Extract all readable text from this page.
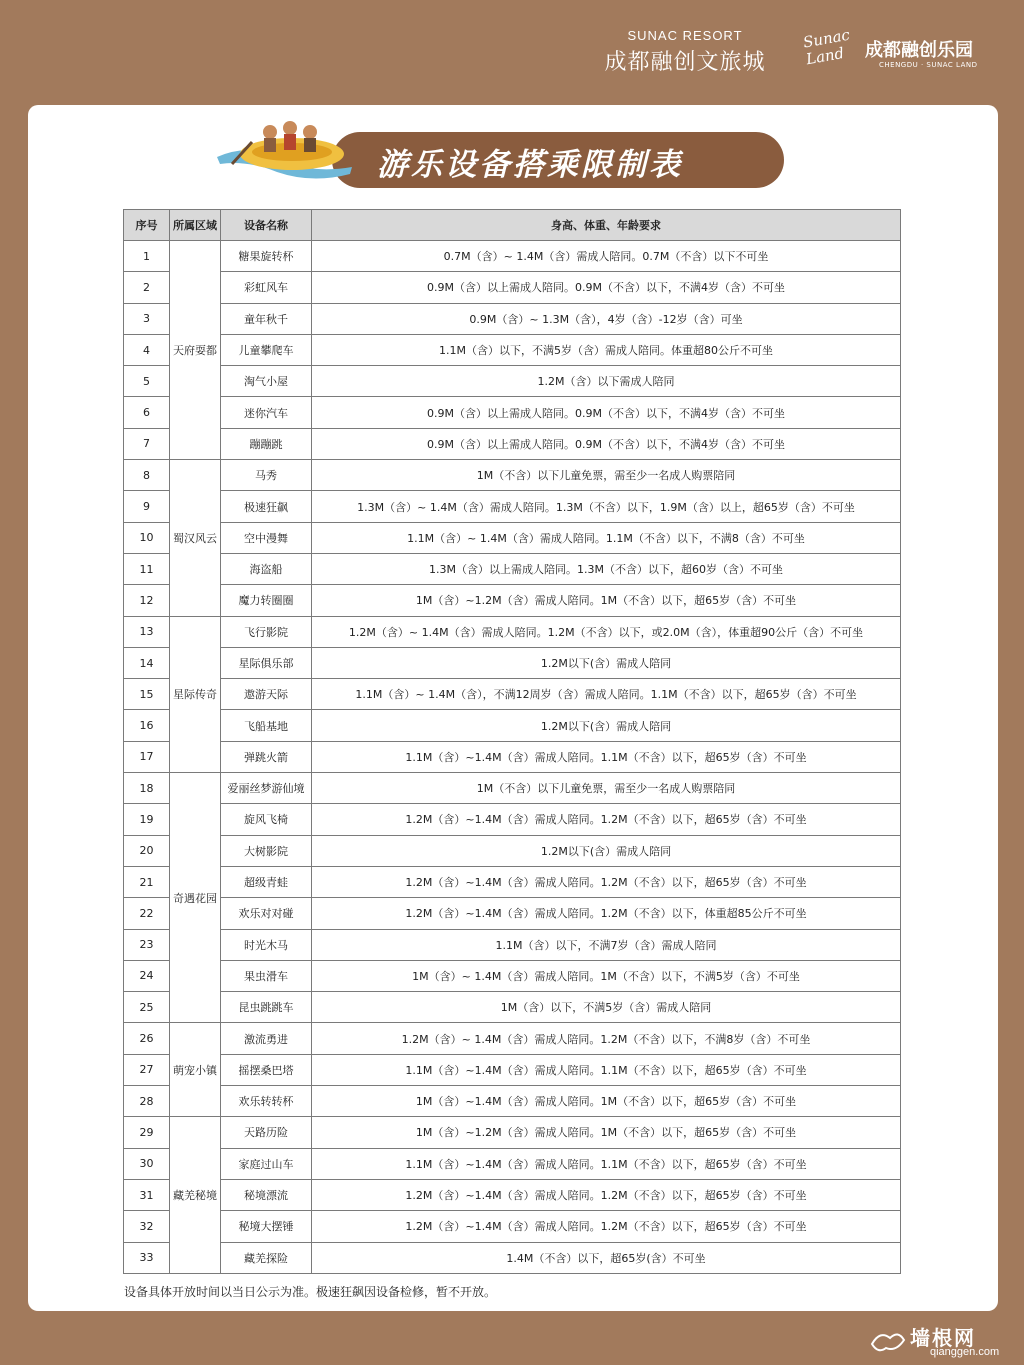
SUNAC RESORT
成都融创文旅城
Sunac Land	成都融创乐园
CHENGDU · SUNAC LAND
游乐设备搭乘限制表
序号	所属区域	设备名称	身高、体重、年龄要求
1	天府耍都	糖果旋转杯	0.7M（含）~ 1.4M（含）需成人陪同。0.7M（不含）以下不可坐
2		彩虹风车	0.9M（含）以上需成人陪同。0.9M（不含）以下，不满4岁（含）不可坐
3		童年秋千	0.9M（含）~ 1.3M（含），4岁（含）-12岁（含）可坐
4		儿童攀爬车	1.1M（含）以下，不满5岁（含）需成人陪同。体重超80公斤不可坐
5		淘气小屋	1.2M（含）以下需成人陪同
6		迷你汽车	0.9M（含）以上需成人陪同。0.9M（不含）以下，不满4岁（含）不可坐
7		蹦蹦跳	0.9M（含）以上需成人陪同。0.9M（不含）以下，不满4岁（含）不可坐
8	蜀汉风云	马秀	1M（不含）以下儿童免票，需至少一名成人购票陪同
9		极速狂飙	1.3M（含）~ 1.4M（含）需成人陪同。1.3M（不含）以下，1.9M（含）以上，超65岁（含）不可坐
10		空中漫舞	1.1M（含）~ 1.4M（含）需成人陪同。1.1M（不含）以下，不满8（含）不可坐
11		海盗船	1.3M（含）以上需成人陪同。1.3M（不含）以下，超60岁（含）不可坐
12		魔力转圈圈	1M（含）~1.2M（含）需成人陪同。1M（不含）以下，超65岁（含）不可坐
13	星际传奇	飞行影院	1.2M（含）~ 1.4M（含）需成人陪同。1.2M（不含）以下，或2.0M（含），体重超90公斤（含）不可坐
14		星际俱乐部	1.2M以下(含）需成人陪同
15		遨游天际	1.1M（含）~ 1.4M（含），不满12周岁（含）需成人陪同。1.1M（不含）以下，超65岁（含）不可坐
16		飞船基地	1.2M以下(含）需成人陪同
17		弹跳火箭	1.1M（含）~1.4M（含）需成人陪同。1.1M（不含）以下，超65岁（含）不可坐
18	奇遇花园	爱丽丝梦游仙境	1M（不含）以下儿童免票，需至少一名成人购票陪同
19		旋风飞椅	1.2M（含）~1.4M（含）需成人陪同。1.2M（不含）以下，超65岁（含）不可坐
20		大树影院	1.2M以下(含）需成人陪同
21		超级青蛙	1.2M（含）~1.4M（含）需成人陪同。1.2M（不含）以下，超65岁（含）不可坐
22		欢乐对对碰	1.2M（含）~1.4M（含）需成人陪同。1.2M（不含）以下，体重超85公斤不可坐
23		时光木马	1.1M（含）以下，不满7岁（含）需成人陪同
24		果虫滑车	1M（含）~ 1.4M（含）需成人陪同。1M（不含）以下，不满5岁（含）不可坐
25		昆虫跳跳车	1M（含）以下，不满5岁（含）需成人陪同
26	萌宠小镇	激流勇进	1.2M（含）~ 1.4M（含）需成人陪同。1.2M（不含）以下，不满8岁（含）不可坐
27		摇摆桑巴塔	1.1M（含）~1.4M（含）需成人陪同。1.1M（不含）以下，超65岁（含）不可坐
28		欢乐转转杯	1M（含）~1.4M（含）需成人陪同。1M（不含）以下，超65岁（含）不可坐
29	藏羌秘境	天路历险	1M（含）~1.2M（含）需成人陪同。1M（不含）以下，超65岁（含）不可坐
30		家庭过山车	1.1M（含）~1.4M（含）需成人陪同。1.1M（不含）以下，超65岁（含）不可坐
31		秘境漂流	1.2M（含）~1.4M（含）需成人陪同。1.2M（不含）以下，超65岁（含）不可坐
32		秘境大摆锤	1.2M（含）~1.4M（含）需成人陪同。1.2M（不含）以下，超65岁（含）不可坐
33		藏羌探险	1.4M（不含）以下，超65岁(含）不可坐
设备具体开放时间以当日公示为准。极速狂飙因设备检修，暂不开放。
墙根网
qianggen.com
